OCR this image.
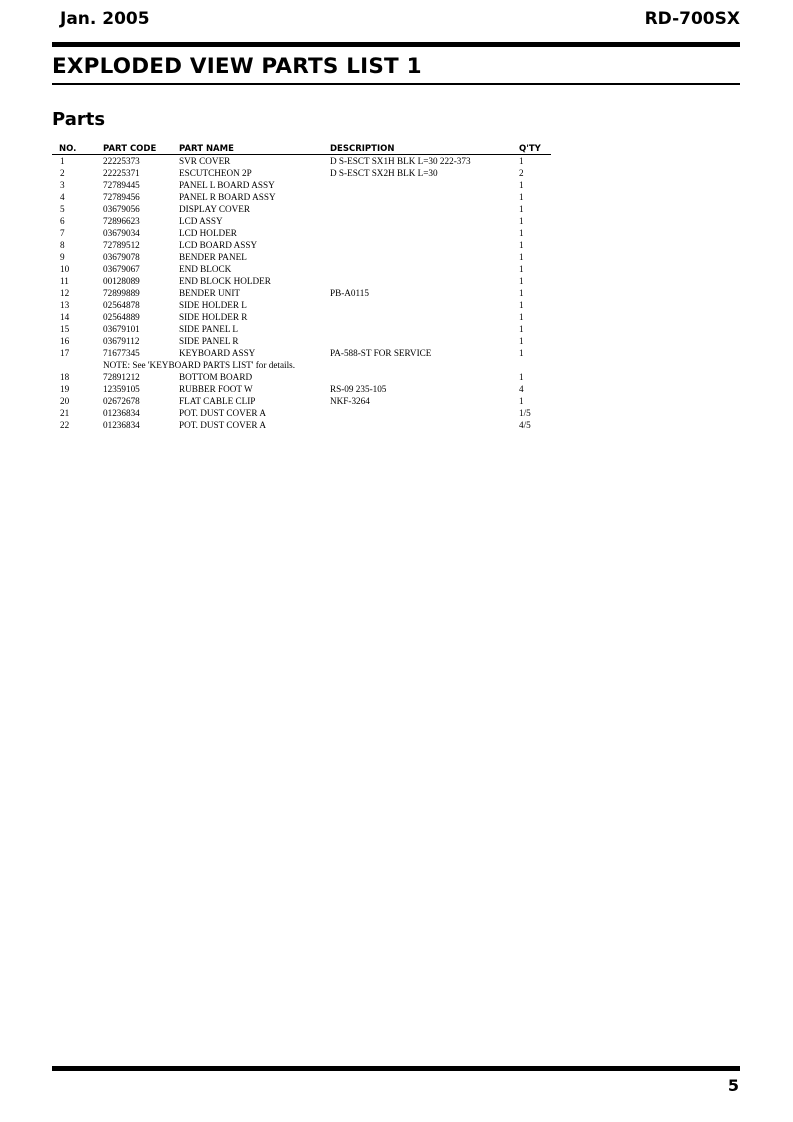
Jan. 2005	RD-700SX
EXPLODED VIEW PARTS LIST 1
Parts
NO.	PART CODE	PART NAME	DESCRIPTION	Q'TY
1	22225373	SVR COVER	D S-ESCT SX1H BLK L=30 222-373	1
2	22225371	ESCUTCHEON 2P	D S-ESCT SX2H BLK L=30	2
3	72789445	PANEL L BOARD ASSY		1
4	72789456	PANEL R BOARD ASSY		1
5	03679056	DISPLAY COVER		1
6	72896623	LCD ASSY		1
7	03679034	LCD HOLDER		1
8	72789512	LCD BOARD ASSY		1
9	03679078	BENDER PANEL		1
10	03679067	END BLOCK		1
11	00128089	END BLOCK HOLDER		1
12	72899889	BENDER UNIT	PB-A0115	1
13	02564878	SIDE HOLDER L		1
14	02564889	SIDE HOLDER R		1
15	03679101	SIDE PANEL L		1
16	03679112	SIDE PANEL R		1
17	71677345	KEYBOARD ASSY	PA-588-ST FOR SERVICE	1
	NOTE: See 'KEYBOARD PARTS LIST' for details.			
18	72891212	BOTTOM BOARD		1
19	12359105	RUBBER FOOT W	RS-09 235-105	4
20	02672678	FLAT CABLE CLIP	NKF-3264	1
21	01236834	POT. DUST COVER A		1/5
22	01236834	POT. DUST COVER A		4/5
5
